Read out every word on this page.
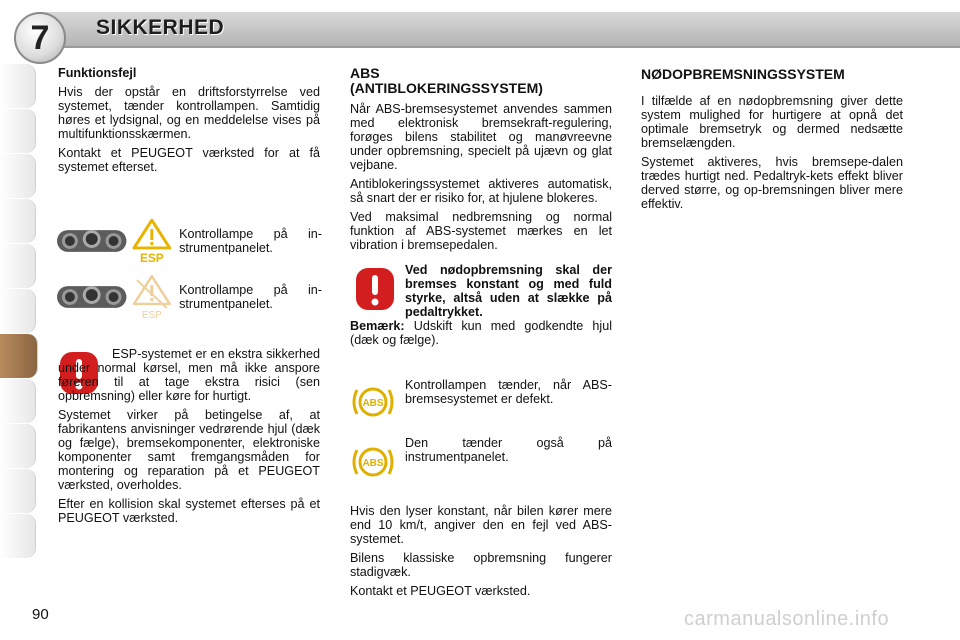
7	SIKKERHED
Funktionsfejl

Hvis der opstår en driftsforstyrrelse ved systemet, tænder kontrollampen. Samtidig høres et lydsignal, og en meddelelse vises på multifunktionsskærmen.

Kontakt et PEUGEOT værksted for at få systemet efterset.

ESP
Kontrollampe på in-strumentpanelet.
ESP
Kontrollampe på in-strumentpanelet.

ESP-systemet er en ekstra sikkerhed under normal kørsel, men må ikke anspore føreren til at tage ekstra risici (sen opbremsning) eller køre for hurtigt.

Systemet virker på betingelse af, at fabrikantens anvisninger vedrørende hjul (dæk og fælge), bremsekomponenter, elektroniske komponenter samt fremgangsmåden for montering og reparation på et PEUGEOT værksted, overholdes.

Efter en kollision skal systemet efterses på et PEUGEOT værksted.

ABS
(ANTIBLOKERINGSSYSTEM)

Når ABS-bremsesystemet anvendes sammen med elektronisk bremsekraft-regulering, forøges bilens stabilitet og manøvreevne under opbremsning, specielt på ujævn og glat vejbane.

Antiblokeringssystemet aktiveres automatisk, så snart der er risiko for, at hjulene blokeres.

Ved maksimal nedbremsning og normal funktion af ABS-systemet mærkes en let vibration i bremsepedalen.

Ved nødopbremsning skal der bremses konstant og med fuld styrke, altså uden at slække på pedaltrykket.

Bemærk: Udskift kun med godkendte hjul (dæk og fælge).

ABS
Kontrollampen tænder, når ABS-bremsesystemet er defekt.
ABS
Den tænder også på instrumentpanelet.

Hvis den lyser konstant, når bilen kører mere end 10 km/t, angiver den en fejl ved ABS-systemet.

Bilens klassiske opbremsning fungerer stadigvæk.

Kontakt et PEUGEOT værksted.

NØDOPBREMSNINGSSYSTEM

I tilfælde af en nødopbremsning giver dette system mulighed for hurtigere at opnå det optimale bremsetryk og dermed nedsætte bremselængden.

Systemet aktiveres, hvis bremsepe-dalen trædes hurtigt ned. Pedaltryk-kets effekt bliver derved større, og op-bremsningen bliver mere effektiv.

90	carmanualsonline.info
